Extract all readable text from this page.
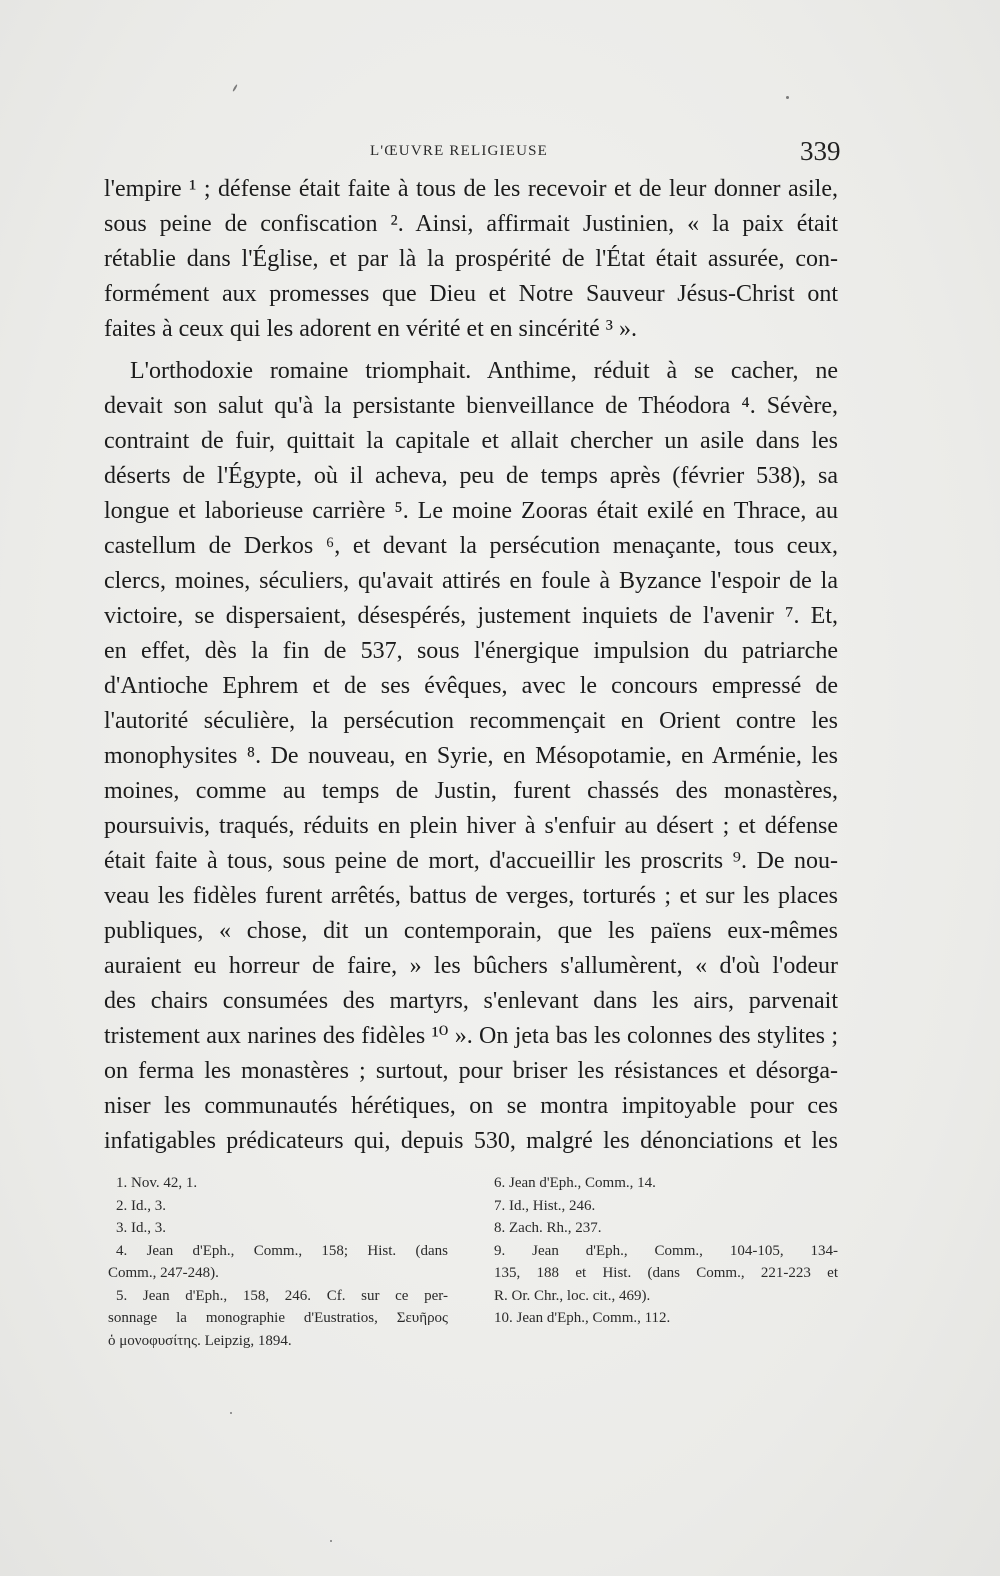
L'ŒUVRE RELIGIEUSE	339
l'empire ¹ ; défense était faite à tous de les recevoir et de leur donner asile,
sous peine de confiscation ². Ainsi, affirmait Justinien, « la paix était
rétablie dans l'Église, et par là la prospérité de l'État était assurée, con-
formément aux promesses que Dieu et Notre Sauveur Jésus-Christ ont
faites à ceux qui les adorent en vérité et en sincérité ³ ».
L'orthodoxie romaine triomphait. Anthime, réduit à se cacher, ne
devait son salut qu'à la persistante bienveillance de Théodora ⁴. Sévère,
contraint de fuir, quittait la capitale et allait chercher un asile dans les
déserts de l'Égypte, où il acheva, peu de temps après (février 538), sa
longue et laborieuse carrière ⁵. Le moine Zooras était exilé en Thrace, au
castellum de Derkos ⁶, et devant la persécution menaçante, tous ceux,
clercs, moines, séculiers, qu'avait attirés en foule à Byzance l'espoir de la
victoire, se dispersaient, désespérés, justement inquiets de l'avenir ⁷. Et,
en effet, dès la fin de 537, sous l'énergique impulsion du patriarche
d'Antioche Ephrem et de ses évêques, avec le concours empressé de
l'autorité séculière, la persécution recommençait en Orient contre les
monophysites ⁸. De nouveau, en Syrie, en Mésopotamie, en Arménie, les
moines, comme au temps de Justin, furent chassés des monastères,
poursuivis, traqués, réduits en plein hiver à s'enfuir au désert ; et défense
était faite à tous, sous peine de mort, d'accueillir les proscrits ⁹. De nou-
veau les fidèles furent arrêtés, battus de verges, torturés ; et sur les places
publiques, « chose, dit un contemporain, que les païens eux-mêmes
auraient eu horreur de faire, » les bûchers s'allumèrent, « d'où l'odeur
des chairs consumées des martyrs, s'enlevant dans les airs, parvenait
tristement aux narines des fidèles ¹⁰ ». On jeta bas les colonnes des stylites ;
on ferma les monastères ; surtout, pour briser les résistances et désorga-
niser les communautés hérétiques, on se montra impitoyable pour ces
infatigables prédicateurs qui, depuis 530, malgré les dénonciations et les
1. Nov. 42, 1.
2. Id., 3.
3. Id., 3.
4. Jean d'Eph., Comm., 158; Hist. (dans
Comm., 247-248).
5. Jean d'Eph., 158, 246. Cf. sur ce per-
sonnage la monographie d'Eustratios, Σευῆρος
ὁ μονοφυσίτης. Leipzig, 1894.
6. Jean d'Eph., Comm., 14.
7. Id., Hist., 246.
8. Zach. Rh., 237.
9. Jean d'Eph., Comm., 104-105, 134-
135, 188 et Hist. (dans Comm., 221-223 et
R. Or. Chr., loc. cit., 469).
10. Jean d'Eph., Comm., 112.
